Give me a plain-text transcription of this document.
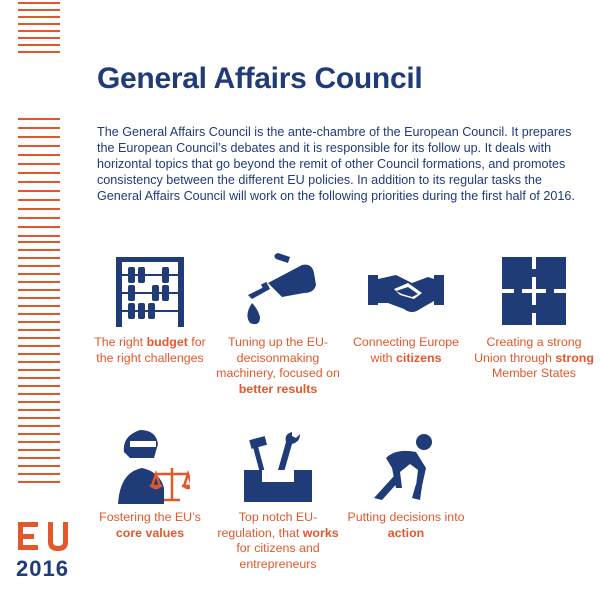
General Affairs Council

The General Affairs Council is the ante-chambre of the European Council. It prepares the European Council’s debates and it is responsible for its follow up. It deals with horizontal topics that go beyond the remit of other Council formations, and promotes consistency between the different EU policies. In addition to its regular tasks the General Affairs Council will work on the following priorities during the first half of 2016.

The right budget for the right challenges

Tuning up the EU-decisonmaking machinery, focused on better results

Connecting Europe with citizens

Creating a strong Union through strong Member States

Fostering the EU’s core values

Top notch EU-regulation, that works for citizens and entrepreneurs

Putting decisions into action

2016
